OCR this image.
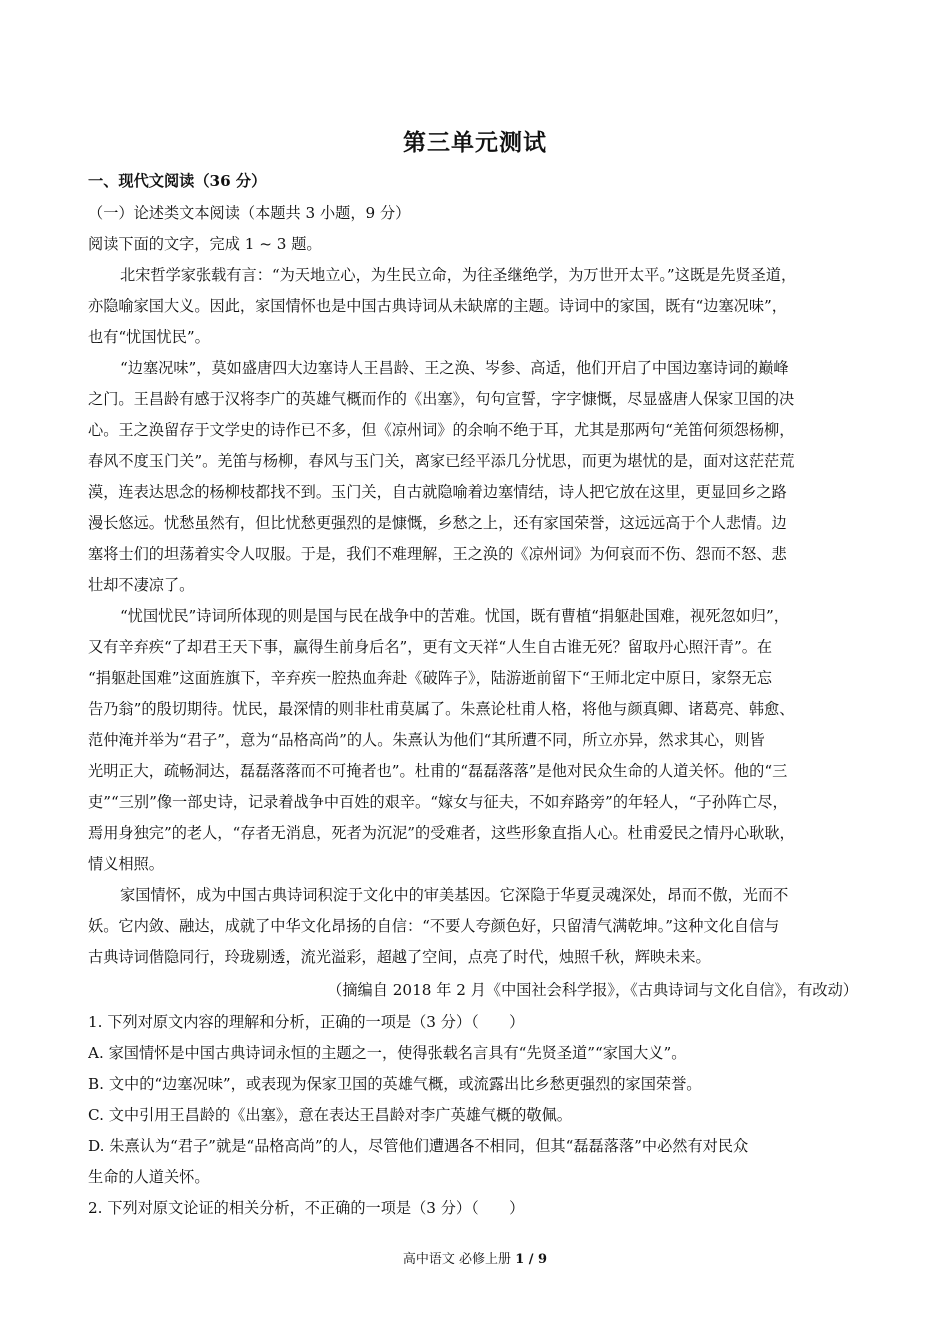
第三单元测试
一、现代文阅读（36 分）
（一）论述类文本阅读（本题共 3 小题，9 分）
阅读下面的文字，完成 1 ~ 3 题。
北宋哲学家张载有言：“为天地立心，为生民立命，为往圣继绝学，为万世开太平。”这既是先贤圣道，
亦隐喻家国大义。因此，家国情怀也是中国古典诗词从未缺席的主题。诗词中的家国，既有“边塞况味”，
也有“忧国忧民”。
“边塞况味”，莫如盛唐四大边塞诗人王昌龄、王之涣、岑参、高适，他们开启了中国边塞诗词的巅峰
之门。王昌龄有感于汉将李广的英雄气概而作的《出塞》，句句宣誓，字字慷慨，尽显盛唐人保家卫国的决
心。王之涣留存于文学史的诗作已不多，但《凉州词》的余响不绝于耳，尤其是那两句“羌笛何须怨杨柳，
春风不度玉门关”。羌笛与杨柳，春风与玉门关，离家已经平添几分忧思，而更为堪忧的是，面对这茫茫荒
漠，连表达思念的杨柳枝都找不到。玉门关，自古就隐喻着边塞情结，诗人把它放在这里，更显回乡之路
漫长悠远。忧愁虽然有，但比忧愁更强烈的是慷慨，乡愁之上，还有家国荣誉，这远远高于个人悲情。边
塞将士们的坦荡着实令人叹服。于是，我们不难理解，王之涣的《凉州词》为何哀而不伤、怨而不怒、悲
壮却不凄凉了。
“忧国忧民”诗词所体现的则是国与民在战争中的苦难。忧国，既有曹植“捐躯赴国难，视死忽如归”，
又有辛弃疾“了却君王天下事，赢得生前身后名”，更有文天祥“人生自古谁无死？留取丹心照汗青”。在
“捐躯赴国难”这面旌旗下，辛弃疾一腔热血奔赴《破阵子》，陆游逝前留下“王师北定中原日，家祭无忘
告乃翁”的殷切期待。忧民，最深情的则非杜甫莫属了。朱熹论杜甫人格，将他与颜真卿、诸葛亮、韩愈、
范仲淹并举为“君子”，意为“品格高尚”的人。朱熹认为他们“其所遭不同，所立亦异，然求其心，则皆
光明正大，疏畅洞达，磊磊落落而不可掩者也”。杜甫的“磊磊落落”是他对民众生命的人道关怀。他的“三
吏”“三别”像一部史诗，记录着战争中百姓的艰辛。“嫁女与征夫，不如弃路旁”的年轻人，“子孙阵亡尽，
焉用身独完”的老人，“存者无消息，死者为沉泥”的受难者，这些形象直指人心。杜甫爱民之情丹心耿耿，
情义相照。
家国情怀，成为中国古典诗词积淀于文化中的审美基因。它深隐于华夏灵魂深处，昂而不傲，光而不
妖。它内敛、融达，成就了中华文化昂扬的自信：“不要人夸颜色好，只留清气满乾坤。”这种文化自信与
古典诗词偕隐同行，玲珑剔透，流光溢彩，超越了空间，点亮了时代，烛照千秋，辉映未来。
（摘编自 2018 年 2 月《中国社会科学报》，《古典诗词与文化自信》，有改动）
1. 下列对原文内容的理解和分析，正确的一项是（3 分）（　　）
A. 家国情怀是中国古典诗词永恒的主题之一，使得张载名言具有“先贤圣道”“家国大义”。
B. 文中的“边塞况味”，或表现为保家卫国的英雄气概，或流露出比乡愁更强烈的家国荣誉。
C. 文中引用王昌龄的《出塞》，意在表达王昌龄对李广英雄气概的敬佩。
D. 朱熹认为“君子”就是“品格高尚”的人，尽管他们遭遇各不相同，但其“磊磊落落”中必然有对民众
生命的人道关怀。
2. 下列对原文论证的相关分析，不正确的一项是（3 分）（　　）
高中语文 必修上册 1 / 9
